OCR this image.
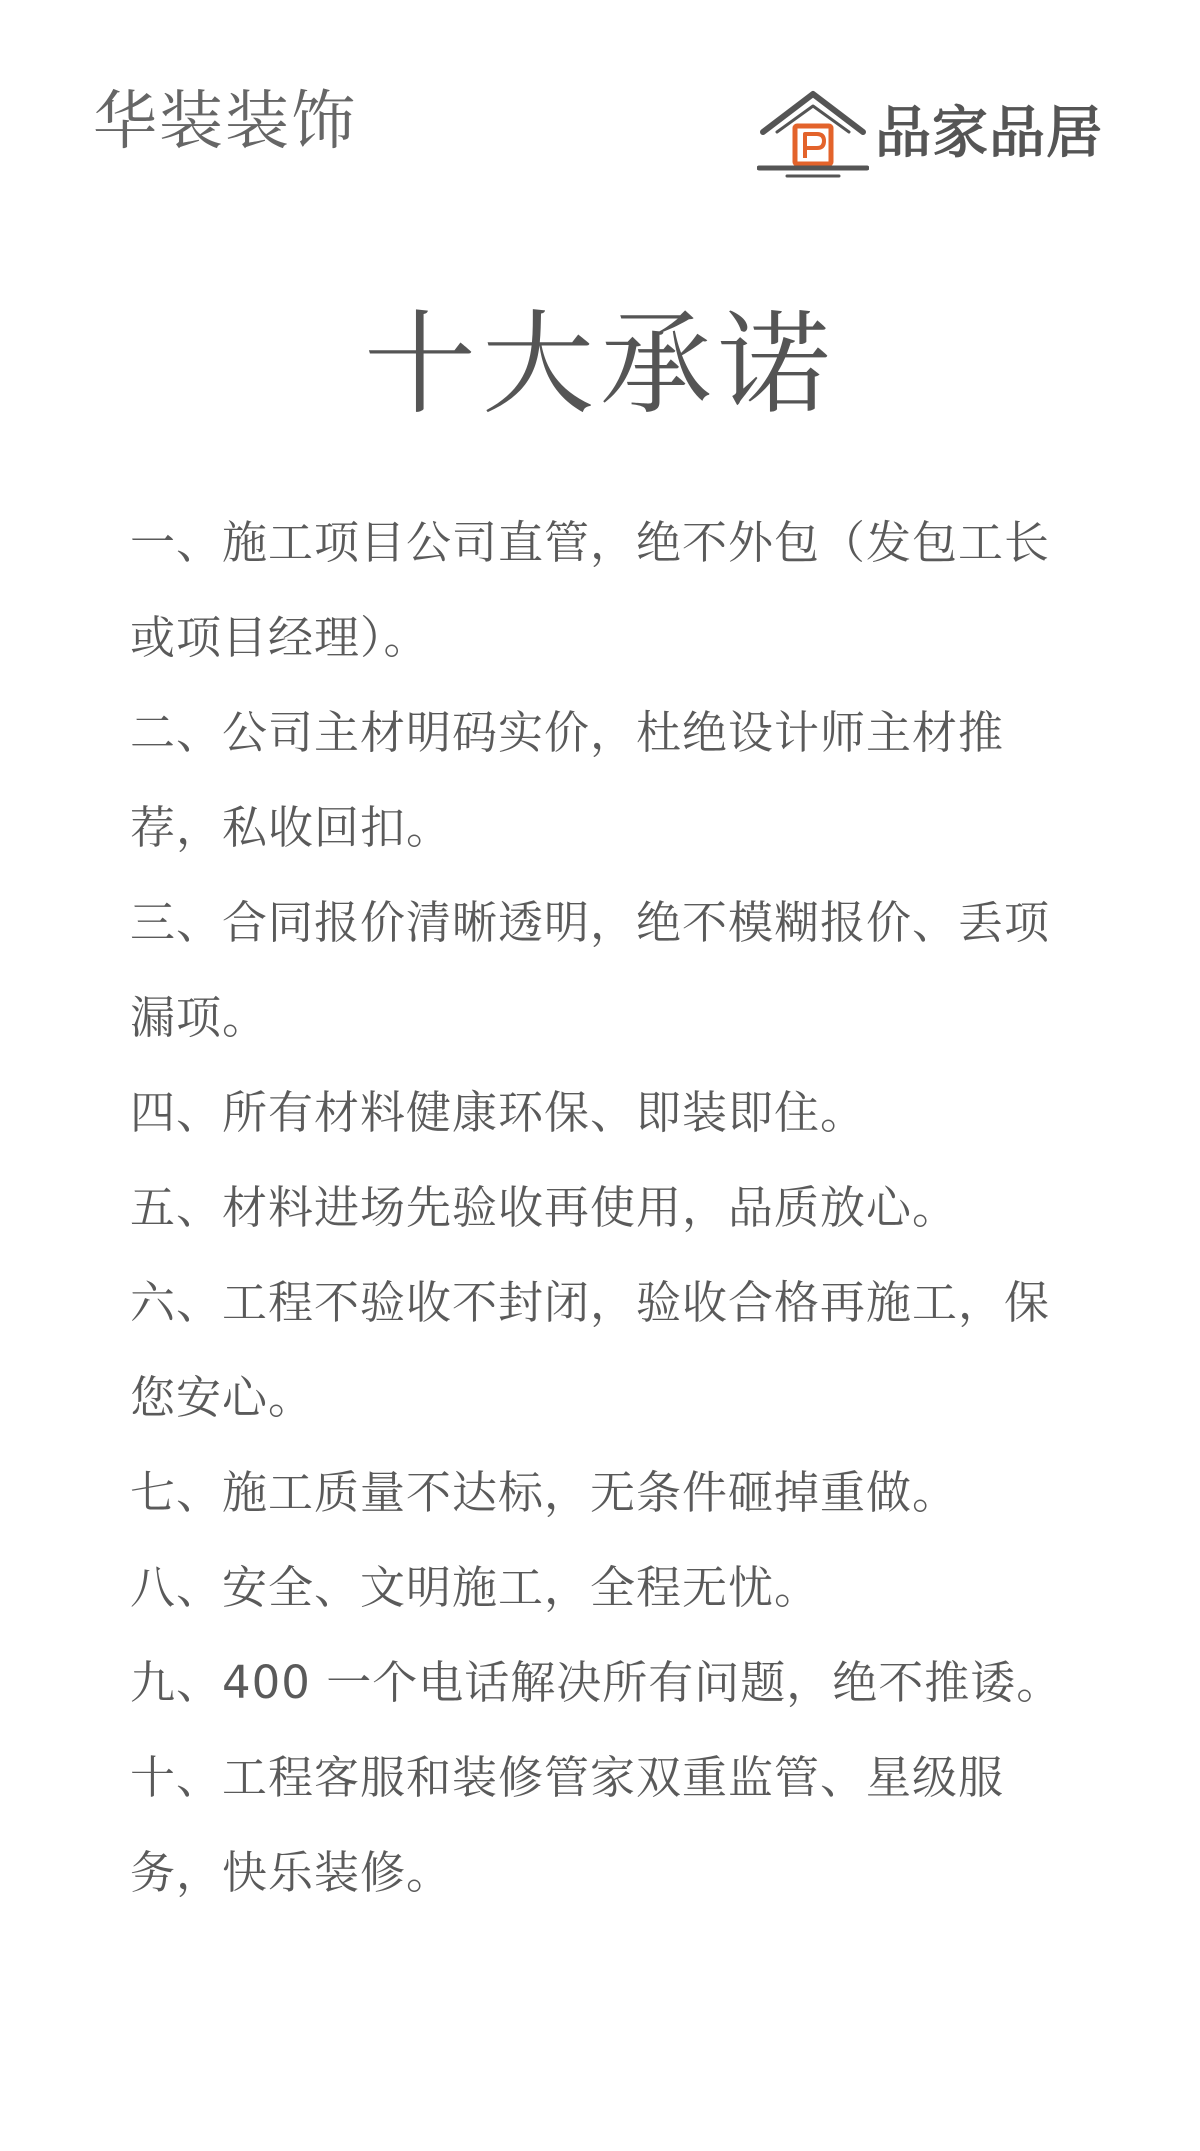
华装装饰	品家品居
十大承诺
一、施工项目公司直管，绝不外包（发包工长或项目经理）。
二、公司主材明码实价，杜绝设计师主材推荐，私收回扣。
三、合同报价清晰透明，绝不模糊报价、丢项漏项。
四、所有材料健康环保、即装即住。
五、材料进场先验收再使用，品质放心。
六、工程不验收不封闭，验收合格再施工，保您安心。
七、施工质量不达标，无条件砸掉重做。
八、安全、文明施工，全程无忧。
九、400 一个电话解决所有问题，绝不推诿。
十、工程客服和装修管家双重监管、星级服务，快乐装修。
